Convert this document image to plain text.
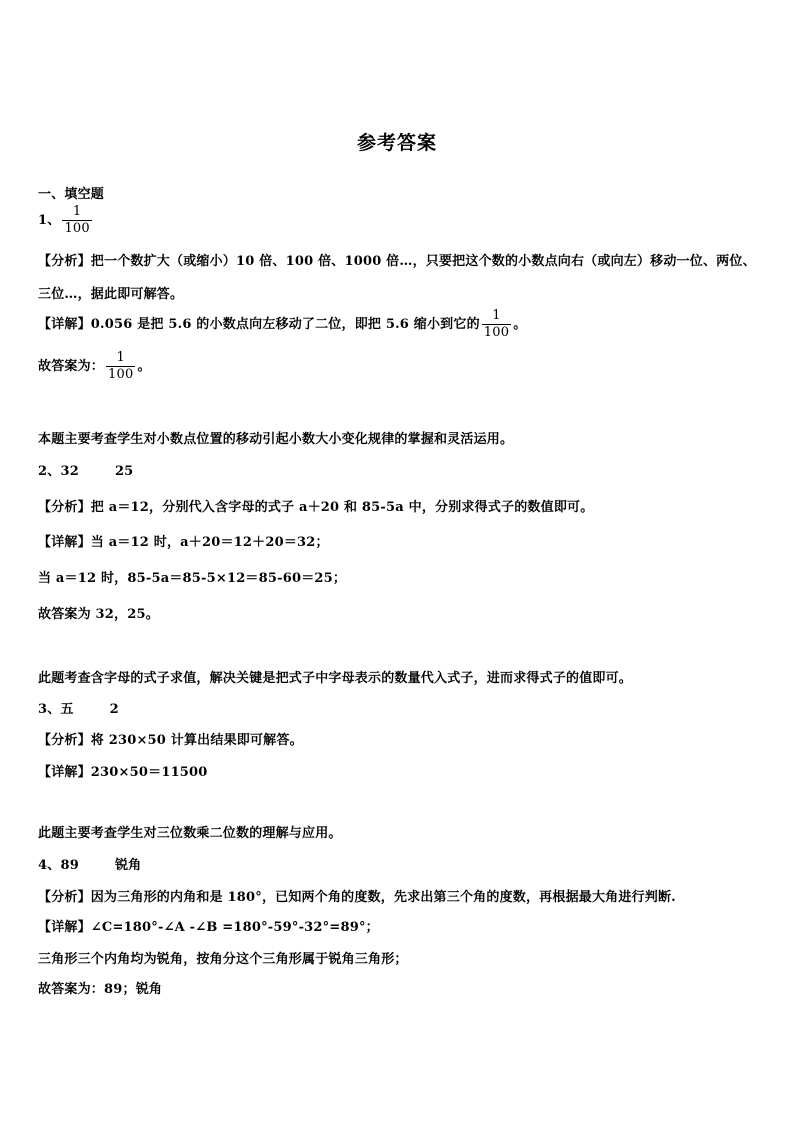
参考答案
一、填空题
1、 $\frac{1}{100}$
【分析】把一个数扩大（或缩小）10 倍、100 倍、1000 倍…，只要把这个数的小数点向右（或向左）移动一位、两位、
三位…，据此即可解答。
【详解】0.056 是把 5.6 的小数点向左移动了二位，即把 5.6 缩小到它的 $\frac{1}{100}$ 。
故答案为： $\frac{1}{100}$ 。
本题主要考查学生对小数点位置的移动引起小数大小变化规律的掌握和灵活运用。
2、32	25
【分析】把 a＝12，分别代入含字母的式子 a＋20 和 85-5a 中，分别求得式子的数值即可。
【详解】当 a＝12 时，a＋20＝12＋20＝32；
当 a＝12 时，85-5a＝85-5×12＝85-60＝25；
故答案为 32，25。
此题考查含字母的式子求值，解决关键是把式子中字母表示的数量代入式子，进而求得式子的值即可。
3、五	2
【分析】将 230×50 计算出结果即可解答。
【详解】230×50＝11500
此题主要考查学生对三位数乘二位数的理解与应用。
4、89	锐角
【分析】因为三角形的内角和是 180°，已知两个角的度数，先求出第三个角的度数，再根据最大角进行判断.
【详解】∠C=180°-∠A -∠B =180°-59°-32°=89°；
三角形三个内角均为锐角，按角分这个三角形属于锐角三角形；
故答案为：89；锐角
